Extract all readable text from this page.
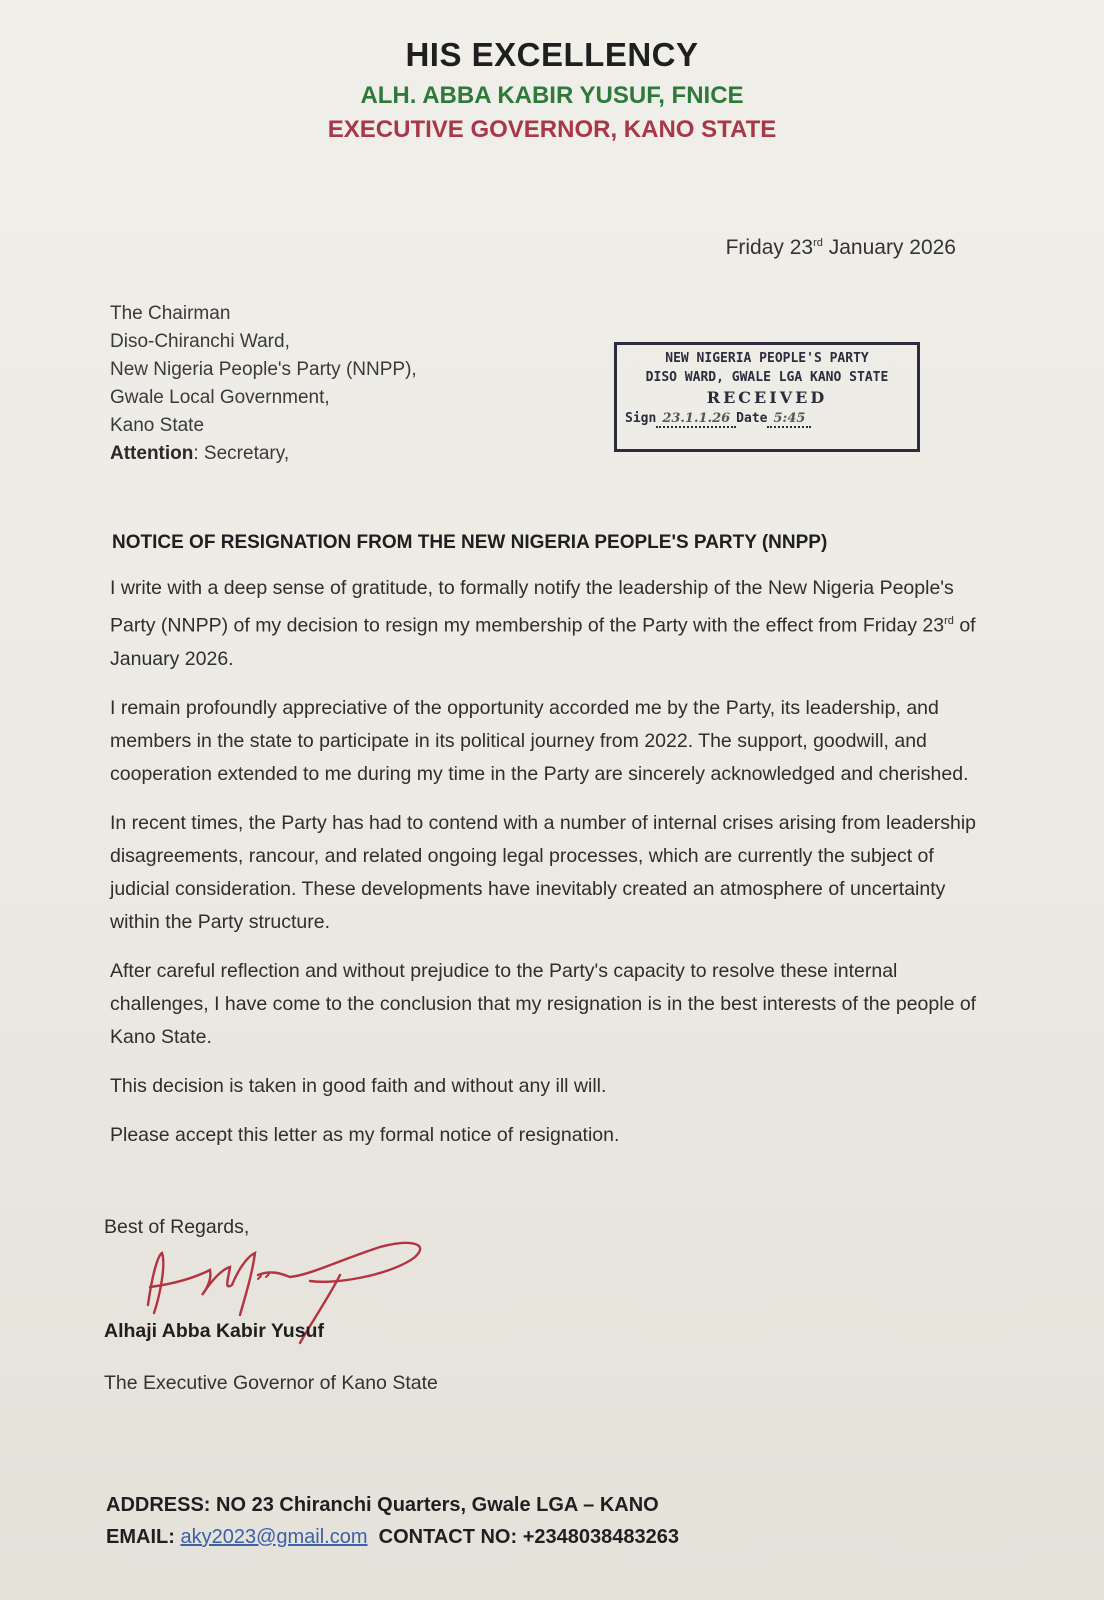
HIS EXCELLENCY
ALH. ABBA KABIR YUSUF, FNICE
EXECUTIVE GOVERNOR, KANO STATE
Friday 23rd January 2026
The Chairman
Diso-Chiranchi Ward,
New Nigeria People's Party (NNPP),
Gwale Local Government,
Kano State
Attention: Secretary,
NEW NIGERIA PEOPLE'S PARTY
DISO WARD, GWALE LGA KANO STATE
RECEIVED
Sign 23.1.1.26 Date 5:45
NOTICE OF RESIGNATION FROM THE NEW NIGERIA PEOPLE'S PARTY (NNPP)

I write with a deep sense of gratitude, to formally notify the leadership of the New Nigeria People's Party (NNPP) of my decision to resign my membership of the Party with the effect from Friday 23rd of January 2026.

I remain profoundly appreciative of the opportunity accorded me by the Party, its leadership, and members in the state to participate in its political journey from 2022. The support, goodwill, and cooperation extended to me during my time in the Party are sincerely acknowledged and cherished.

In recent times, the Party has had to contend with a number of internal crises arising from leadership disagreements, rancour, and related ongoing legal processes, which are currently the subject of judicial consideration. These developments have inevitably created an atmosphere of uncertainty within the Party structure.

After careful reflection and without prejudice to the Party's capacity to resolve these internal challenges, I have come to the conclusion that my resignation is in the best interests of the people of Kano State.

This decision is taken in good faith and without any ill will.

Please accept this letter as my formal notice of resignation.

Best of Regards,
Alhaji Abba Kabir Yusuf
The Executive Governor of Kano State
ADDRESS: NO 23 Chiranchi Quarters, Gwale LGA – KANO
EMAIL: aky2023@gmail.com CONTACT NO: +2348038483263
